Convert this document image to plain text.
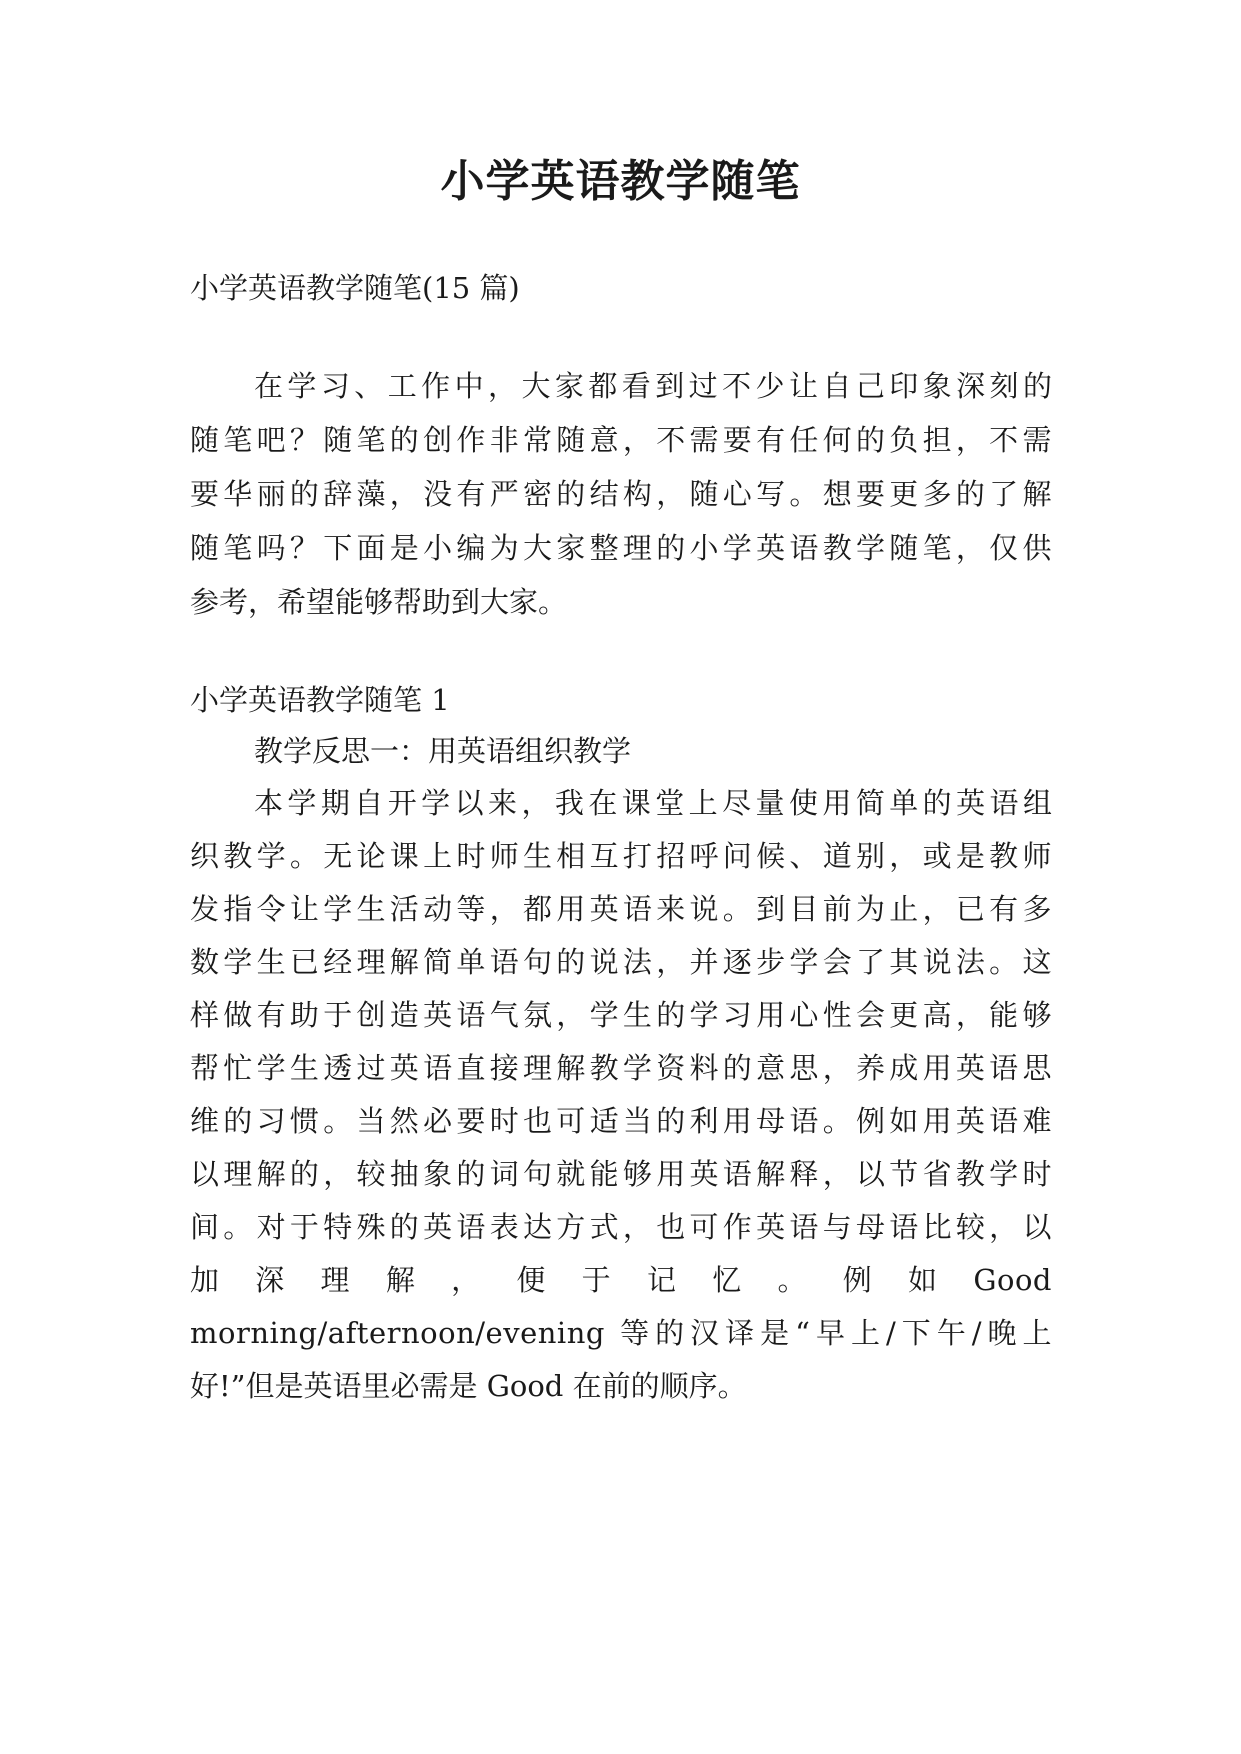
小学英语教学随笔
小学英语教学随笔(15 篇)
在学习、工作中，大家都看到过不少让自己印象深刻的
随笔吧？随笔的创作非常随意，不需要有任何的负担，不需
要华丽的辞藻，没有严密的结构，随心写。想要更多的了解
随笔吗？下面是小编为大家整理的小学英语教学随笔，仅供
参考，希望能够帮助到大家。
小学英语教学随笔 1
教学反思一：用英语组织教学
本学期自开学以来，我在课堂上尽量使用简单的英语组
织教学。无论课上时师生相互打招呼问候、道别，或是教师
发指令让学生活动等，都用英语来说。到目前为止，已有多
数学生已经理解简单语句的说法，并逐步学会了其说法。这
样做有助于创造英语气氛，学生的学习用心性会更高，能够
帮忙学生透过英语直接理解教学资料的意思，养成用英语思
维的习惯。当然必要时也可适当的利用母语。例如用英语难
以理解的，较抽象的词句就能够用英语解释，以节省教学时
间。对于特殊的英语表达方式，也可作英语与母语比较，以
加 深 理 解 ， 便 于 记 忆 。 例 如 Good
morning/afternoon/evening 等的汉译是“早上/下午/晚上
好!”但是英语里必需是 Good 在前的顺序。
